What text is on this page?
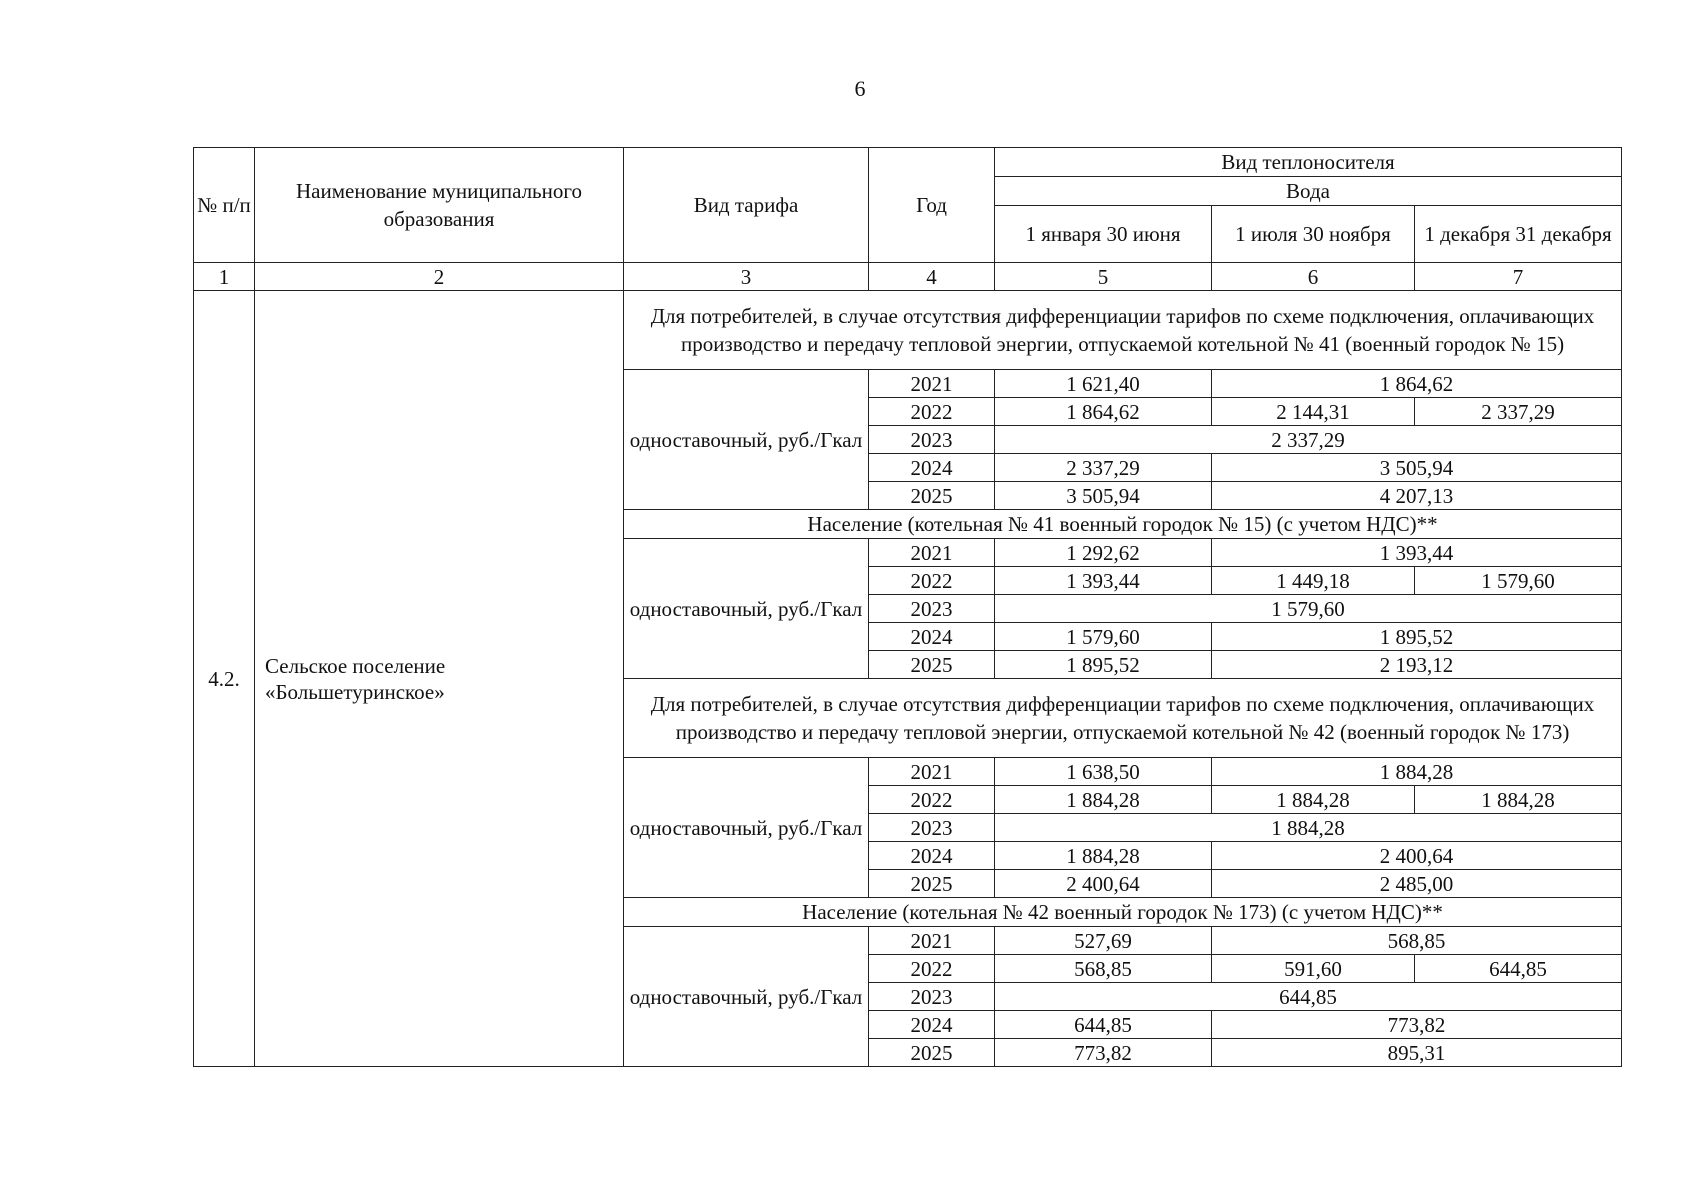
6
№ п/п	Наименование муниципального образования	Вид тарифа	Год	Вид теплоносителя		
				Вода		
				1 января 30 июня	1 июля 30 ноября	1 декабря 31 декабря
1	2	3	4	5	6	7
4.2.	Сельское поселение «Большетуринское»	Для потребителей, в случае отсутствия дифференциации тарифов по схеме подключения, оплачивающих производство и передачу тепловой энергии, отпускаемой котельной № 41 (военный городок № 15)				
		одноставочный, руб./Гкал	2021	1 621,40	1 864,62	
			2022	1 864,62	2 144,31	2 337,29
			2023	2 337,29		
			2024	2 337,29	3 505,94	
			2025	3 505,94	4 207,13	
		Население (котельная № 41 военный городок № 15) (с учетом НДС)**				
		одноставочный, руб./Гкал	2021	1 292,62	1 393,44	
			2022	1 393,44	1 449,18	1 579,60
			2023	1 579,60		
			2024	1 579,60	1 895,52	
			2025	1 895,52	2 193,12	
		Для потребителей, в случае отсутствия дифференциации тарифов по схеме подключения, оплачивающих производство и передачу тепловой энергии, отпускаемой котельной № 42 (военный городок № 173)				
		одноставочный, руб./Гкал	2021	1 638,50	1 884,28	
			2022	1 884,28	1 884,28	1 884,28
			2023	1 884,28		
			2024	1 884,28	2 400,64	
			2025	2 400,64	2 485,00	
		Население (котельная № 42 военный городок № 173) (с учетом НДС)**				
		одноставочный, руб./Гкал	2021	527,69	568,85	
			2022	568,85	591,60	644,85
			2023	644,85		
			2024	644,85	773,82	
			2025	773,82	895,31	
